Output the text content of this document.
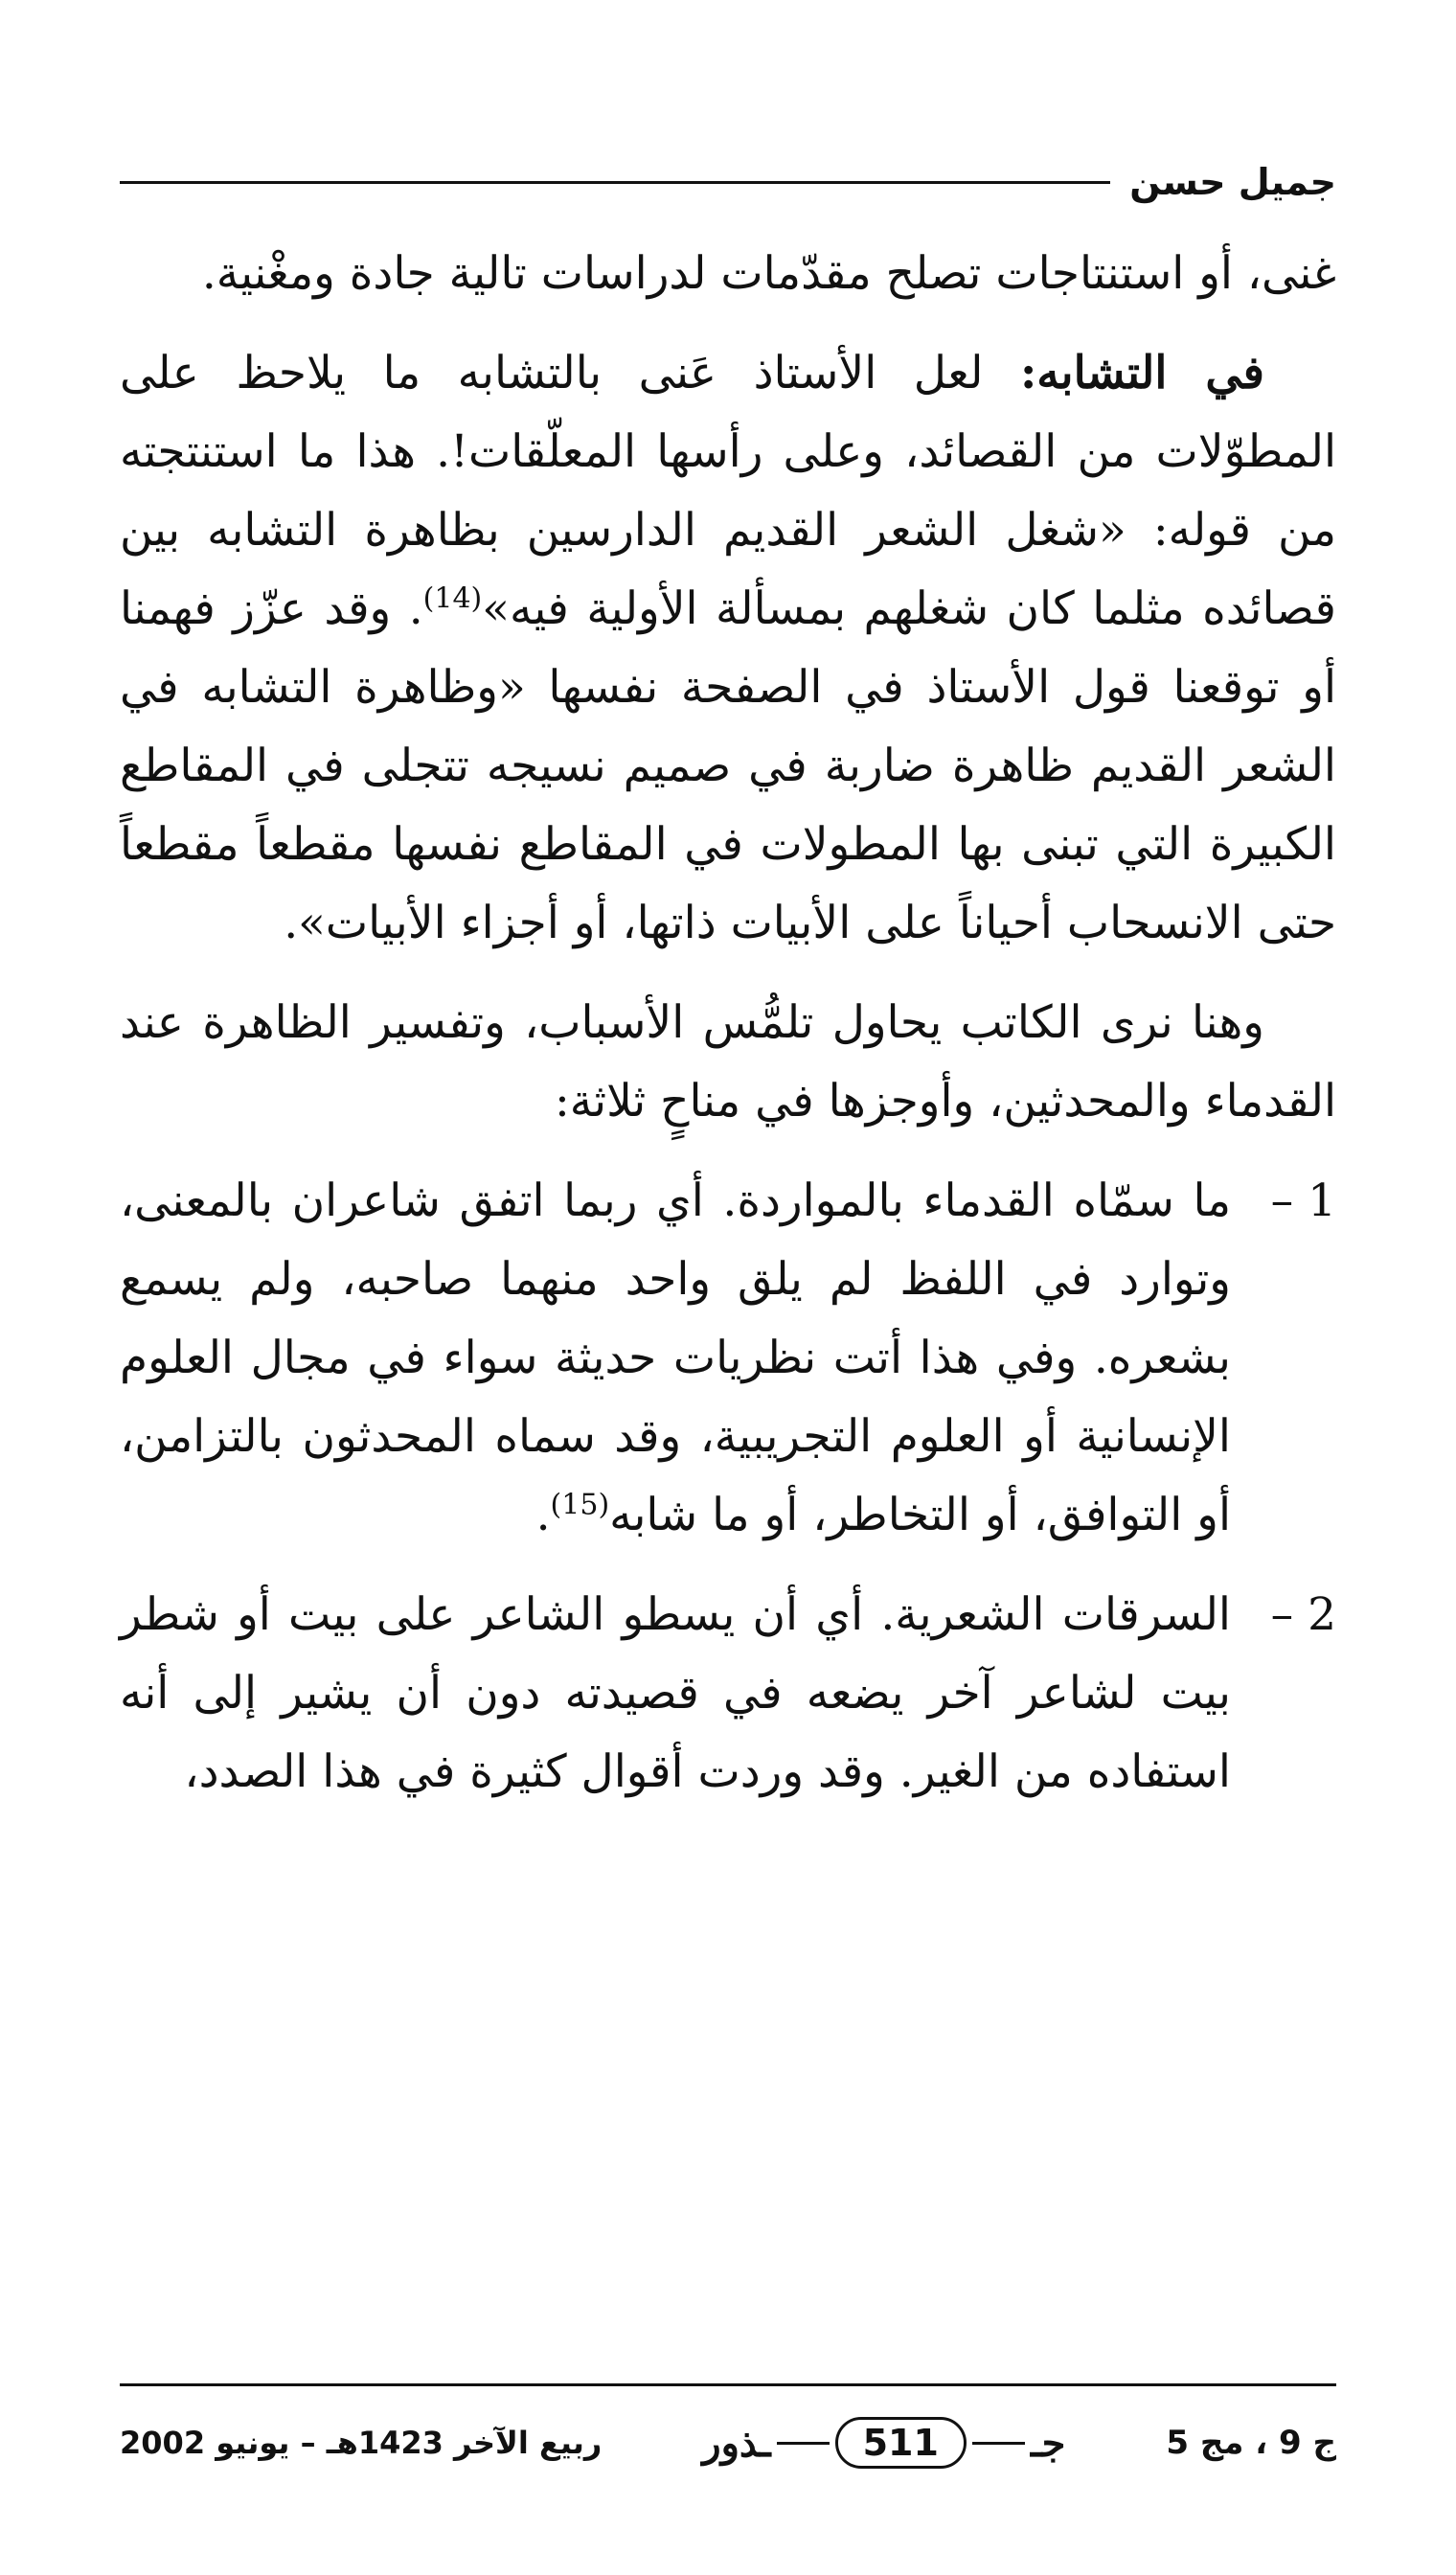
جميل حسن

غنى، أو استنتاجات تصلح مقدّمات لدراسات تالية جادة ومغْنية.

في التشابه: لعل الأستاذ عَنى بالتشابه ما يلاحظ على المطوّلات من القصائد، وعلى رأسها المعلّقات!. هذا ما استنتجته من قوله: «شغل الشعر القديم الدارسين بظاهرة التشابه بين قصائده مثلما كان شغلهم بمسألة الأولية فيه»$^{(14)}$. وقد عزّز فهمنا أو توقعنا قول الأستاذ في الصفحة نفسها «وظاهرة التشابه في الشعر القديم ظاهرة ضاربة في صميم نسيجه تتجلى في المقاطع الكبيرة التي تبنى بها المطولات في المقاطع نفسها مقطعاً مقطعاً حتى الانسحاب أحياناً على الأبيات ذاتها، أو أجزاء الأبيات».

وهنا نرى الكاتب يحاول تلمُّس الأسباب، وتفسير الظاهرة عند القدماء والمحدثين، وأوجزها في مناحٍ ثلاثة:

1 –
ما سمّاه القدماء بالمواردة. أي ربما اتفق شاعران بالمعنى، وتوارد في اللفظ لم يلق واحد منهما صاحبه، ولم يسمع بشعره. وفي هذا أتت نظريات حديثة سواء في مجال العلوم الإنسانية أو العلوم التجريبية، وقد سماه المحدثون بالتزامن، أو التوافق، أو التخاطر، أو ما شابه$^{(15)}$.
2 –
السرقات الشعرية. أي أن يسطو الشاعر على بيت أو شطر بيت لشاعر آخر يضعه في قصيدته دون أن يشير إلى أنه استفاده من الغير. وقد وردت أقوال كثيرة في هذا الصدد،
ج 9 ، مج 5
جـ
511
ـذور
ربيع الآخر 1423هـ – يونيو 2002
